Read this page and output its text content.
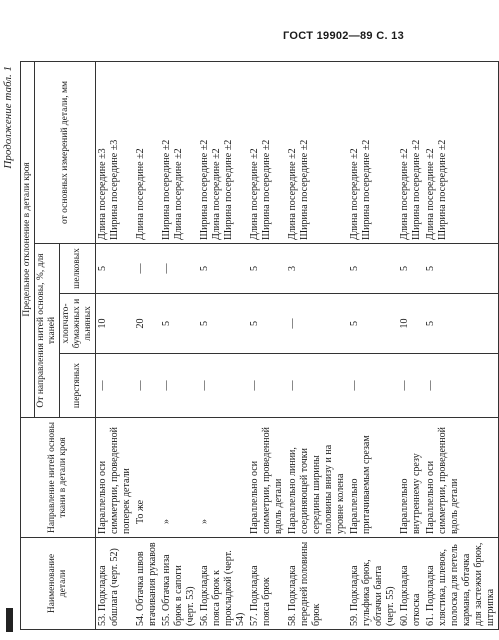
ГОСТ 19902—89 С. 13
Продолжение табл. 1
Наименование детали	Направление нитей основы ткани в детали кроя	Предельное отклонение в детали кроя			
		От направления нитей основы, %, для тканей			от основных измерений детали, мм
		шерстяных	хлопчато-бумажных и льняных	шелковых	

53. Подкладка обшлага (черт. 52)	Параллельно оси симметрии, проведенной поперек детали	—	10	5	Длина посередине ±3 Ширина посередине ±3

54. Обтачка швов втачивания рукавов	То же	—	20	—	Длина посередине ±2

55. Обтачка низа брюк в сапоги (черт. 53)	»	—	5	—	Ширина посередине ±2 Длина посередине ±2

56. Подкладка пояса брюк к прокладкой (черт. 54)	»	—	5	5	Ширина посередине ±2 Длина посередине ±2 Ширина посередине ±2

57. Подкладка пояса брюк	Параллельно оси симметрии, проведенной вдоль детали	—	5	5	Длина посередине ±2 Ширина посередине ±2

58. Подкладка передней половины брюк	Параллельно линии, соединяющей точки середины ширины половины внизу и на уровне колена	—	—	3	Длина посередине ±2 Ширина посередине ±2

59. Подкладка гульфика брюк, обтачки банта (черт. 55)	Параллельно притачиваемым срезам	—	5	5	Длина посередине ±2 Ширина посередине ±2

60. Подкладка откоска	Параллельно внутреннему срезу	—	10	5	Длина посередине ±2 Ширина посередине ±2

61. Подкладка хлястика, шлевок, полоска для петель кармана, обтачка для застежки брюк, штрипка	Параллельно оси симметрии, проведенной вдоль детали	—	5	5	Длина посередине ±2 Ширина посередине ±2
